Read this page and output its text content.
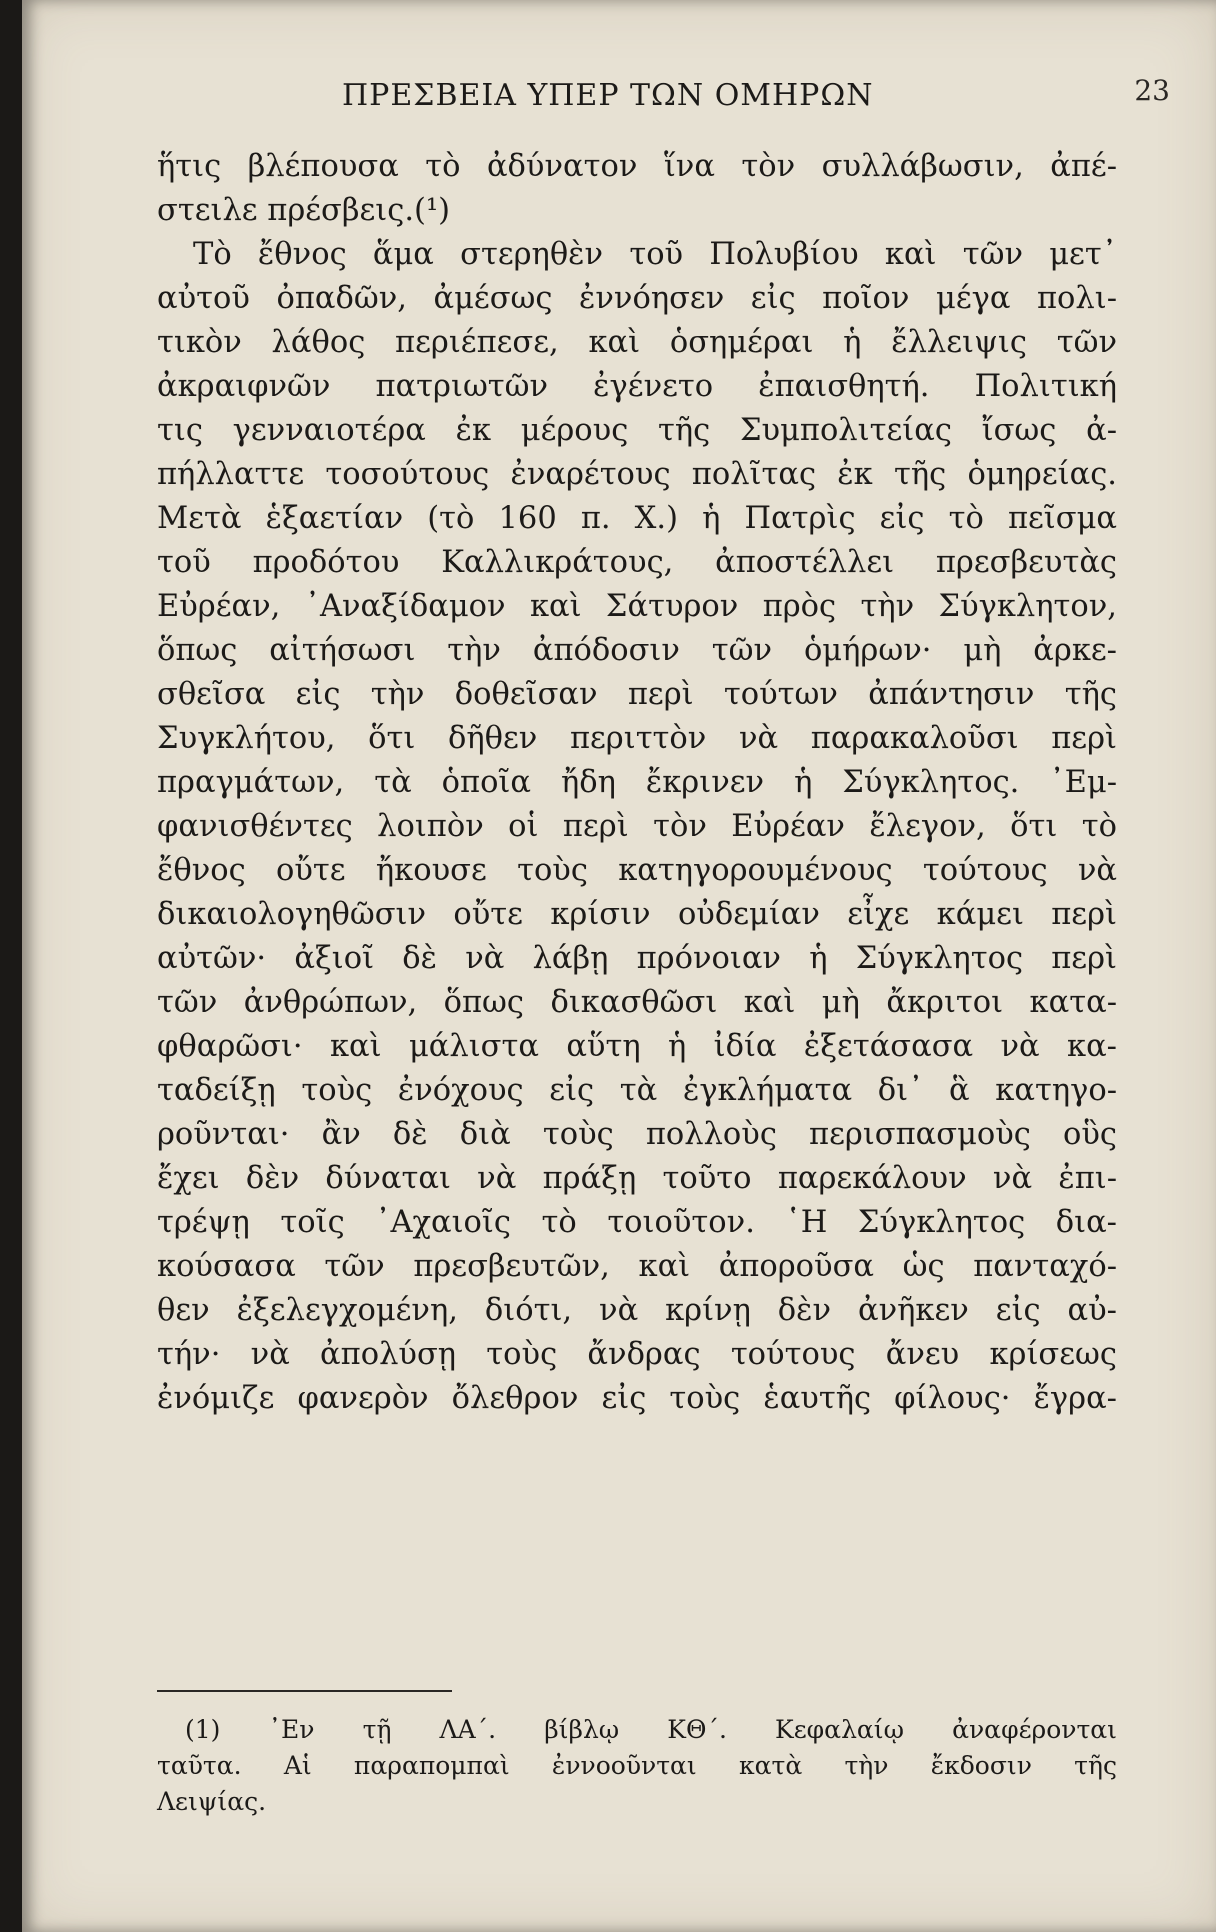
ΠΡΕΣΒΕΙΑ ΥΠΕΡ ΤΩΝ ΟΜΗΡΩΝ	23
ἥτις βλέπουσα τὸ ἀδύνατον ἵνα τὸν συλλάβωσιν, ἀπέ-
στειλε πρέσβεις.(¹)
Τὸ ἔθνος ἅμα στερηθὲν τοῦ Πολυβίου καὶ τῶν μετ᾽
αὐτοῦ ὀπαδῶν, ἀμέσως ἐννόησεν εἰς ποῖον μέγα πολι-
τικὸν λάθος περιέπεσε, καὶ ὁσημέραι ἡ ἔλλειψις τῶν
ἀκραιφνῶν πατριωτῶν ἐγένετο ἐπαισθητή. Πολιτική
τις γενναιοτέρα ἐκ μέρους τῆς Συμπολιτείας ἴσως ἀ-
πήλλαττε τοσούτους ἐναρέτους πολῖτας ἐκ τῆς ὁμηρείας.
Μετὰ ἑξαετίαν (τὸ 160 π. Χ.) ἡ Πατρὶς εἰς τὸ πεῖσμα
τοῦ προδότου Καλλικράτους, ἀποστέλλει πρεσβευτὰς
Εὐρέαν, ᾿Αναξίδαμον καὶ Σάτυρον πρὸς τὴν Σύγκλητον,
ὅπως αἰτήσωσι τὴν ἀπόδοσιν τῶν ὁμήρων· μὴ ἀρκε-
σθεῖσα εἰς τὴν δοθεῖσαν περὶ τούτων ἀπάντησιν τῆς
Συγκλήτου, ὅτι δῆθεν περιττὸν νὰ παρακαλοῦσι περὶ
πραγμάτων, τὰ ὁποῖα ἤδη ἔκρινεν ἡ Σύγκλητος. ᾿Εμ-
φανισθέντες λοιπὸν οἱ περὶ τὸν Εὐρέαν ἔλεγον, ὅτι τὸ
ἔθνος οὔτε ἤκουσε τοὺς κατηγορουμένους τούτους νὰ
δικαιολογηθῶσιν οὔτε κρίσιν οὐδεμίαν εἶχε κάμει περὶ
αὐτῶν· ἀξιοῖ δὲ νὰ λάβῃ πρόνοιαν ἡ Σύγκλητος περὶ
τῶν ἀνθρώπων, ὅπως δικασθῶσι καὶ μὴ ἄκριτοι κατα-
φθαρῶσι· καὶ μάλιστα αὕτη ἡ ἰδία ἐξετάσασα νὰ κα-
ταδείξῃ τοὺς ἐνόχους εἰς τὰ ἐγκλήματα δι᾽ ἃ κατηγο-
ροῦνται· ἂν δὲ διὰ τοὺς πολλοὺς περισπασμοὺς οὓς
ἔχει δὲν δύναται νὰ πράξῃ τοῦτο παρεκάλουν νὰ ἐπι-
τρέψῃ τοῖς ᾿Αχαιοῖς τὸ τοιοῦτον. ῾Η Σύγκλητος δια-
κούσασα τῶν πρεσβευτῶν, καὶ ἀποροῦσα ὡς πανταχό-
θεν ἐξελεγχομένη, διότι, νὰ κρίνῃ δὲν ἀνῆκεν εἰς αὐ-
τήν· νὰ ἀπολύσῃ τοὺς ἄνδρας τούτους ἄνευ κρίσεως
ἐνόμιζε φανερὸν ὄλεθρον εἰς τοὺς ἑαυτῆς φίλους· ἔγρα-
(1) ᾿Εν τῇ ΛΑ΄. βίβλῳ ΚΘ΄. Κεφαλαίῳ ἀναφέρονται
ταῦτα. Αἱ παραπομπαὶ ἐννοοῦνται κατὰ τὴν ἔκδοσιν τῆς
Λειψίας.
